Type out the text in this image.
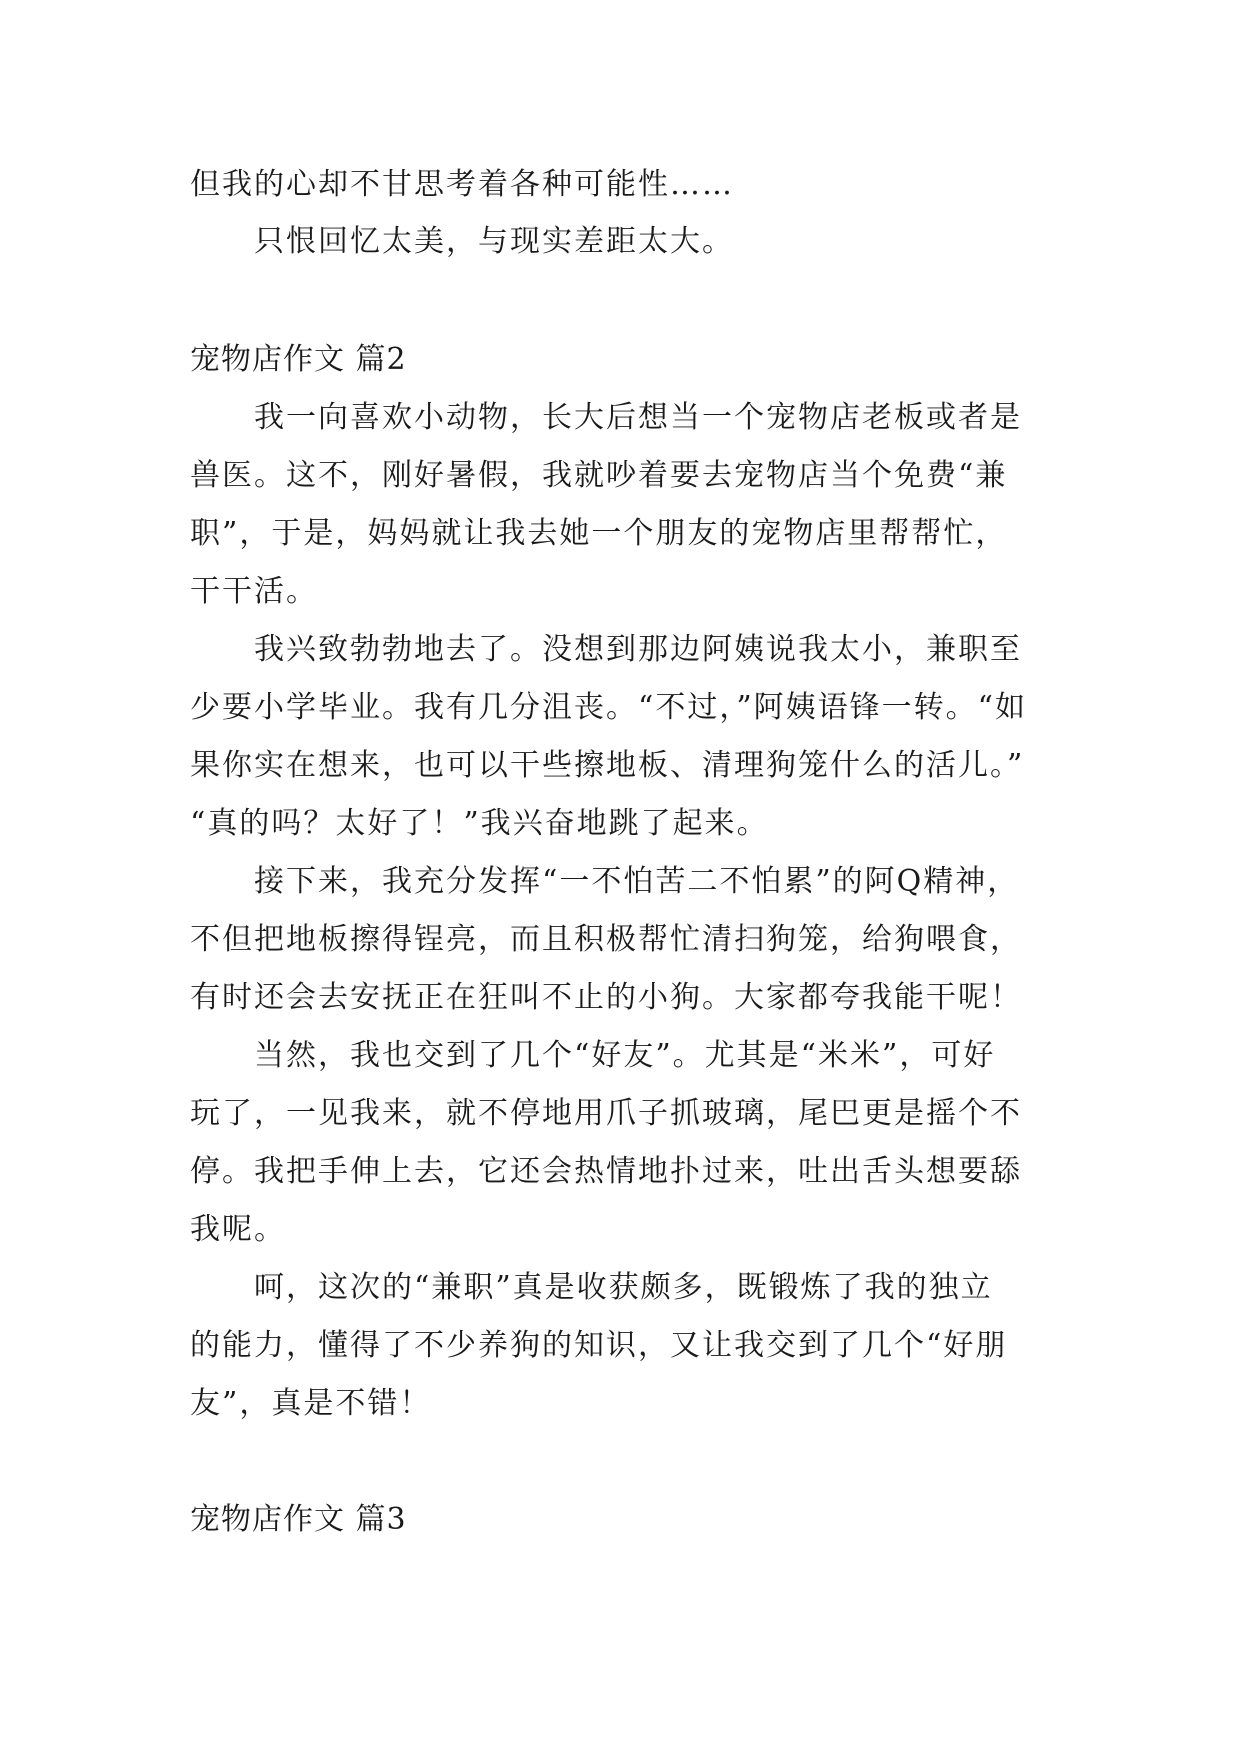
但我的心却不甘思考着各种可能性……
　　只恨回忆太美，与现实差距太大。
宠物店作文 篇2
　　我一向喜欢小动物，长大后想当一个宠物店老板或者是
兽医。这不，刚好暑假，我就吵着要去宠物店当个免费“兼
职”，于是，妈妈就让我去她一个朋友的宠物店里帮帮忙，
干干活。
　　我兴致勃勃地去了。没想到那边阿姨说我太小，兼职至
少要小学毕业。我有几分沮丧。“不过，”阿姨语锋一转。“如
果你实在想来，也可以干些擦地板、清理狗笼什么的活儿。”
“真的吗？太好了！”我兴奋地跳了起来。
　　接下来，我充分发挥“一不怕苦二不怕累”的阿Q精神，
不但把地板擦得锃亮，而且积极帮忙清扫狗笼，给狗喂食，
有时还会去安抚正在狂叫不止的小狗。大家都夸我能干呢！
　　当然，我也交到了几个“好友”。尤其是“米米”，可好
玩了，一见我来，就不停地用爪子抓玻璃，尾巴更是摇个不
停。我把手伸上去，它还会热情地扑过来，吐出舌头想要舔
我呢。
　　呵，这次的“兼职”真是收获颇多，既锻炼了我的独立
的能力，懂得了不少养狗的知识，又让我交到了几个“好朋
友”，真是不错！
宠物店作文 篇3
